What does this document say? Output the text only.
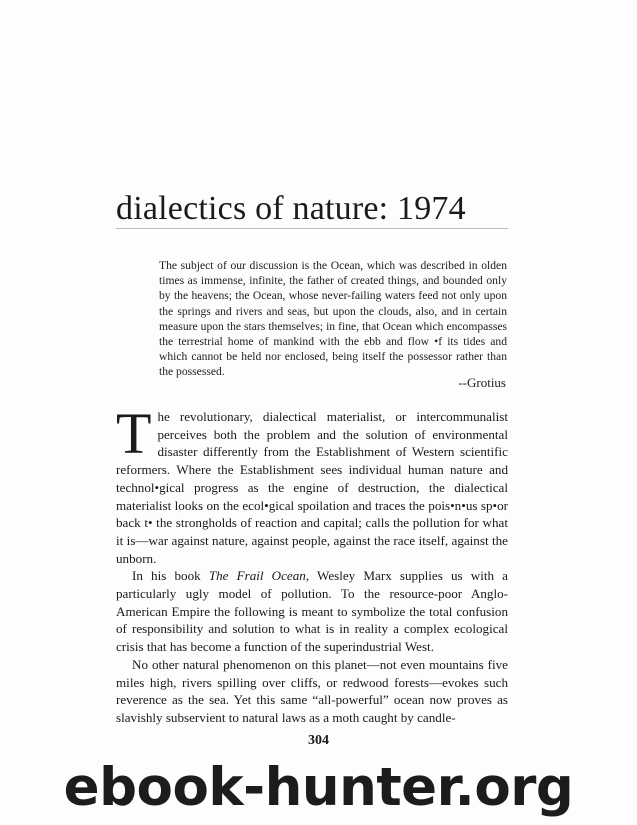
dialectics of nature: 1974

The subject of our discussion is the Ocean, which was described in olden times as immense, infinite, the father of created things, and bounded only by the heavens; the Ocean, whose never-failing waters feed not only upon the springs and rivers and seas, but upon the clouds, also, and in certain measure upon the stars themselves; in fine, that Ocean which encompasses the terrestrial home of mankind with the ebb and flow •f its tides and which cannot be held nor enclosed, being itself the possessor rather than the possessed.

--Grotius

The revolutionary, dialectical materialist, or intercommunalist perceives both the problem and the solution of environmental disaster differently from the Establishment of Western scientific reformers. Where the Establishment sees individual human nature and technol•gical progress as the engine of destruction, the dialectical materialist looks on the ecol•gical spoilation and traces the pois•n•us sp•or back t• the strongholds of reaction and capital; calls the pollution for what it is—war against nature, against people, against the race itself, against the unborn.

In his book The Frail Ocean, Wesley Marx supplies us with a particularly ugly model of pollution. To the resource-poor Anglo-American Empire the following is meant to symbolize the total confusion of responsibility and solution to what is in reality a complex ecological crisis that has become a function of the superindustrial West.

No other natural phenomenon on this planet—not even mountains five miles high, rivers spilling over cliffs, or redwood forests—evokes such reverence as the sea. Yet this same “all-powerful” ocean now proves as slavishly subservient to natural laws as a moth caught by candle-

304
ebook-hunter.org
